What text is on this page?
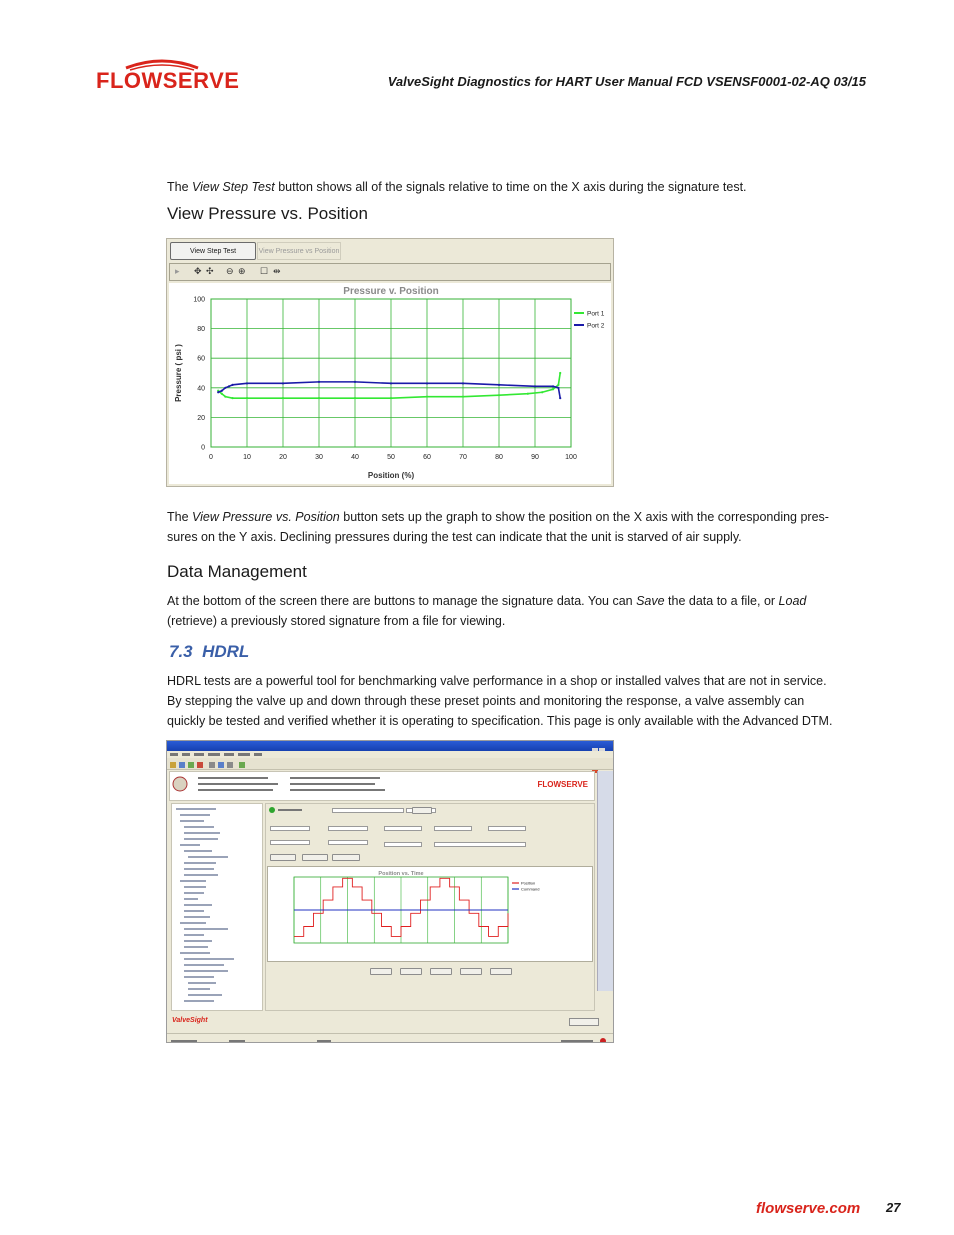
FLOWSERVE	ValveSight Diagnostics for HART User Manual FCD VSENSF0001-02-AQ 03/15
The View Step Test button shows all of the signals relative to time on the X axis during the signature test.
View Pressure vs. Position
View Step Test	View Pressure vs Position
▸ ✥ ✣ ⊖ ⊕ ☐ ⇹
0	10	20	30	40	50	60	70	80	90	100
0
20
40
60
80
100
Pressure v. Position
Position (%)
Pressure ( psi )
Port 1
Port 2
The View Pressure vs. Position button sets up the graph to show the position on the X axis with the corresponding pres-
sures on the Y axis. Declining pressures during the test can indicate that the unit is starved of air supply.
Data Management
At the bottom of the screen there are buttons to manage the signature data. You can Save the data to a file, or Load
(retrieve) a previously stored signature from a file for viewing.
7.3  HDRL
HDRL tests are a powerful tool for benchmarking valve performance in a shop or installed valves that are not in service.
By stepping the valve up and down through these preset points and monitoring the response, a valve assembly can
quickly be tested and verified whether it is operating to specification. This page is only available with the Advanced DTM.
FLOWSERVE
Position vs. Time
Position
Command
ValveSight
flowserve.com 27
